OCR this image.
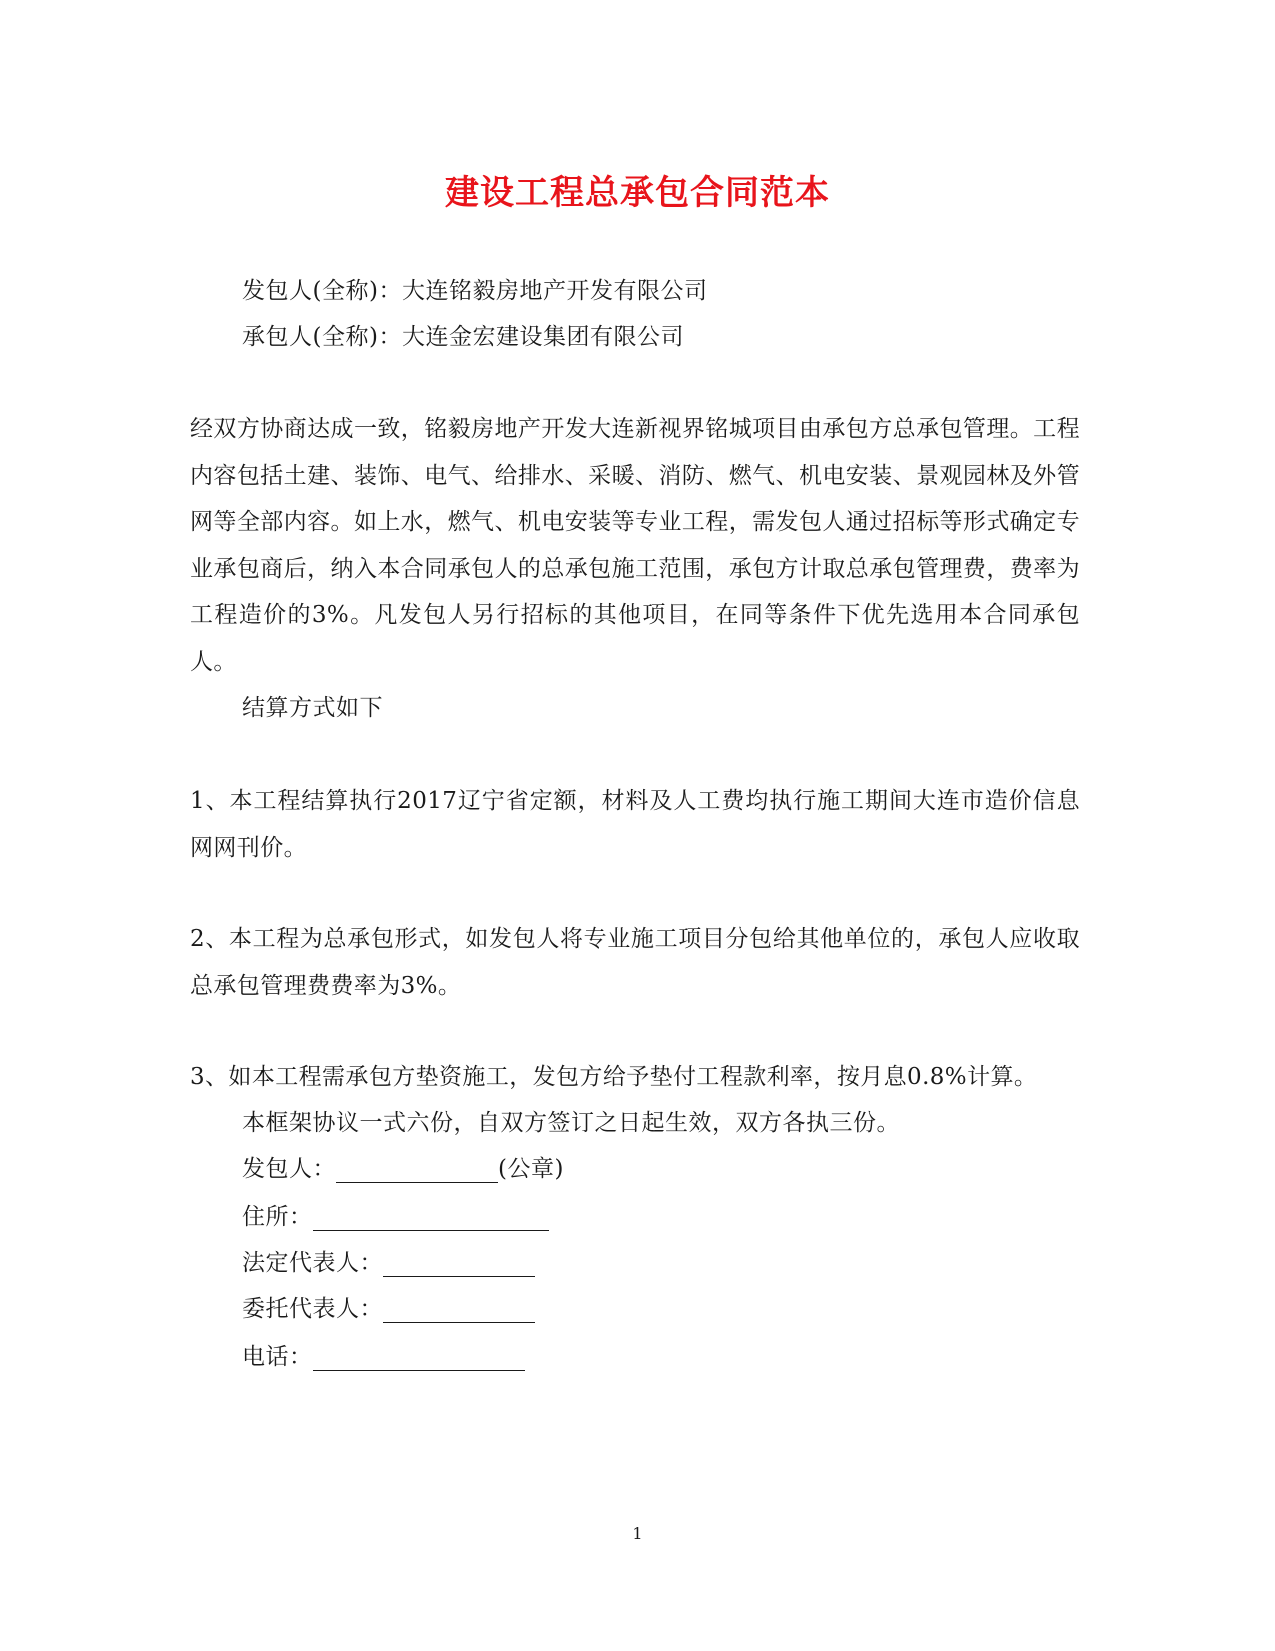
建设工程总承包合同范本
发包人(全称)：大连铭毅房地产开发有限公司
承包人(全称)：大连金宏建设集团有限公司

经双方协商达成一致，铭毅房地产开发大连新视界铭城项目由承包方总承包管理。工程内容包括土建、装饰、电气、给排水、采暖、消防、燃气、机电安装、景观园林及外管网等全部内容。如上水，燃气、机电安装等专业工程，需发包人通过招标等形式确定专业承包商后，纳入本合同承包人的总承包施工范围，承包方计取总承包管理费，费率为工程造价的3%。凡发包人另行招标的其他项目，在同等条件下优先选用本合同承包人。

结算方式如下

1、本工程结算执行2017辽宁省定额，材料及人工费均执行施工期间大连市造价信息网网刊价。

2、本工程为总承包形式，如发包人将专业施工项目分包给其他单位的，承包人应收取总承包管理费费率为3%。

3、如本工程需承包方垫资施工，发包方给予垫付工程款利率，按月息0.8%计算。

本框架协议一式六份，自双方签订之日起生效，双方各执三份。
发包人：	(公章)
住所：
法定代表人：
委托代表人：
电话：
1
